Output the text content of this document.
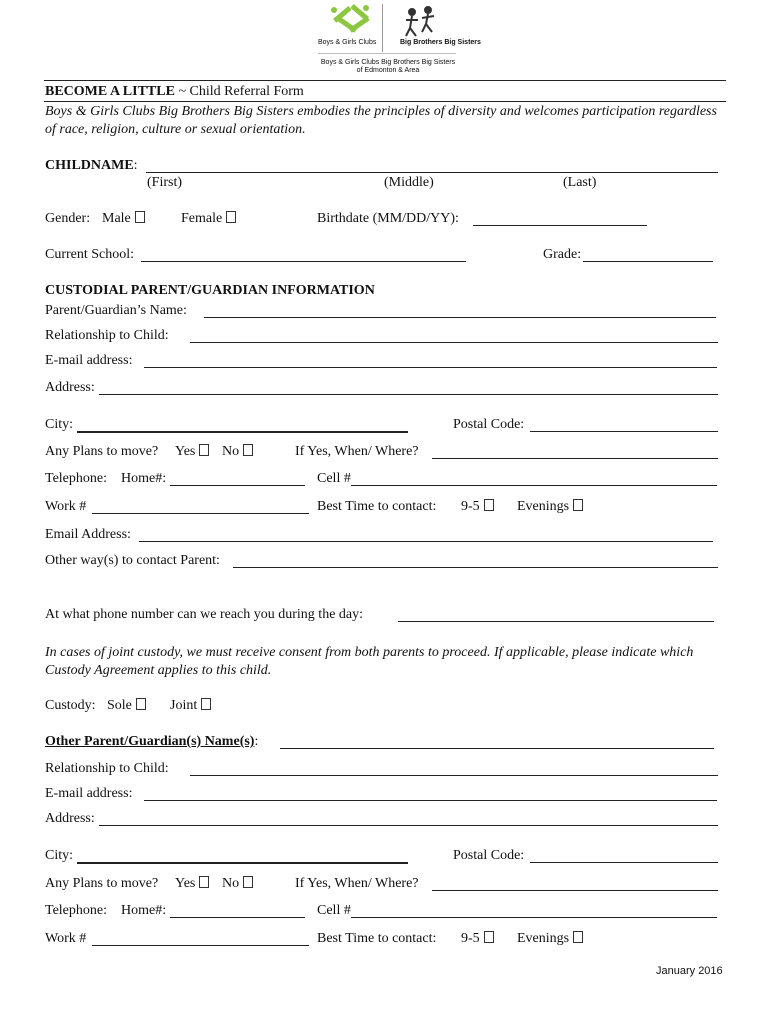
Boys & Girls Clubs	Big Brothers Big Sisters
Boys & Girls Clubs Big Brothers Big Sisters
of Edmonton & Area
BECOME A LITTLE ~ Child Referral Form
Boys & Girls Clubs Big Brothers Big Sisters embodies the principles of diversity and welcomes participation regardless of race, religion, culture or sexual orientation.
CHILDNAME:
(First)	(Middle)	(Last)
Gender: Male	Female	Birthdate (MM/DD/YY):
Current School:	Grade:
CUSTODIAL PARENT/GUARDIAN INFORMATION
Parent/Guardian’s Name:
Relationship to Child:
E-mail address:
Address:
City:	Postal Code:
Any Plans to move? Yes	No	If Yes, When/ Where?
Telephone: Home#:	Cell #
Work #	Best Time to contact: 9-5	Evenings
Email Address:
Other way(s) to contact Parent:
At what phone number can we reach you during the day:
In cases of joint custody, we must receive consent from both parents to proceed. If applicable, please indicate which Custody Agreement applies to this child.
Custody: Sole	Joint
Other Parent/Guardian(s) Name(s):
Relationship to Child:
E-mail address:
Address:
City:	Postal Code:
Any Plans to move? Yes	No	If Yes, When/ Where?
Telephone: Home#:	Cell #
Work #	Best Time to contact: 9-5	Evenings
January 2016
